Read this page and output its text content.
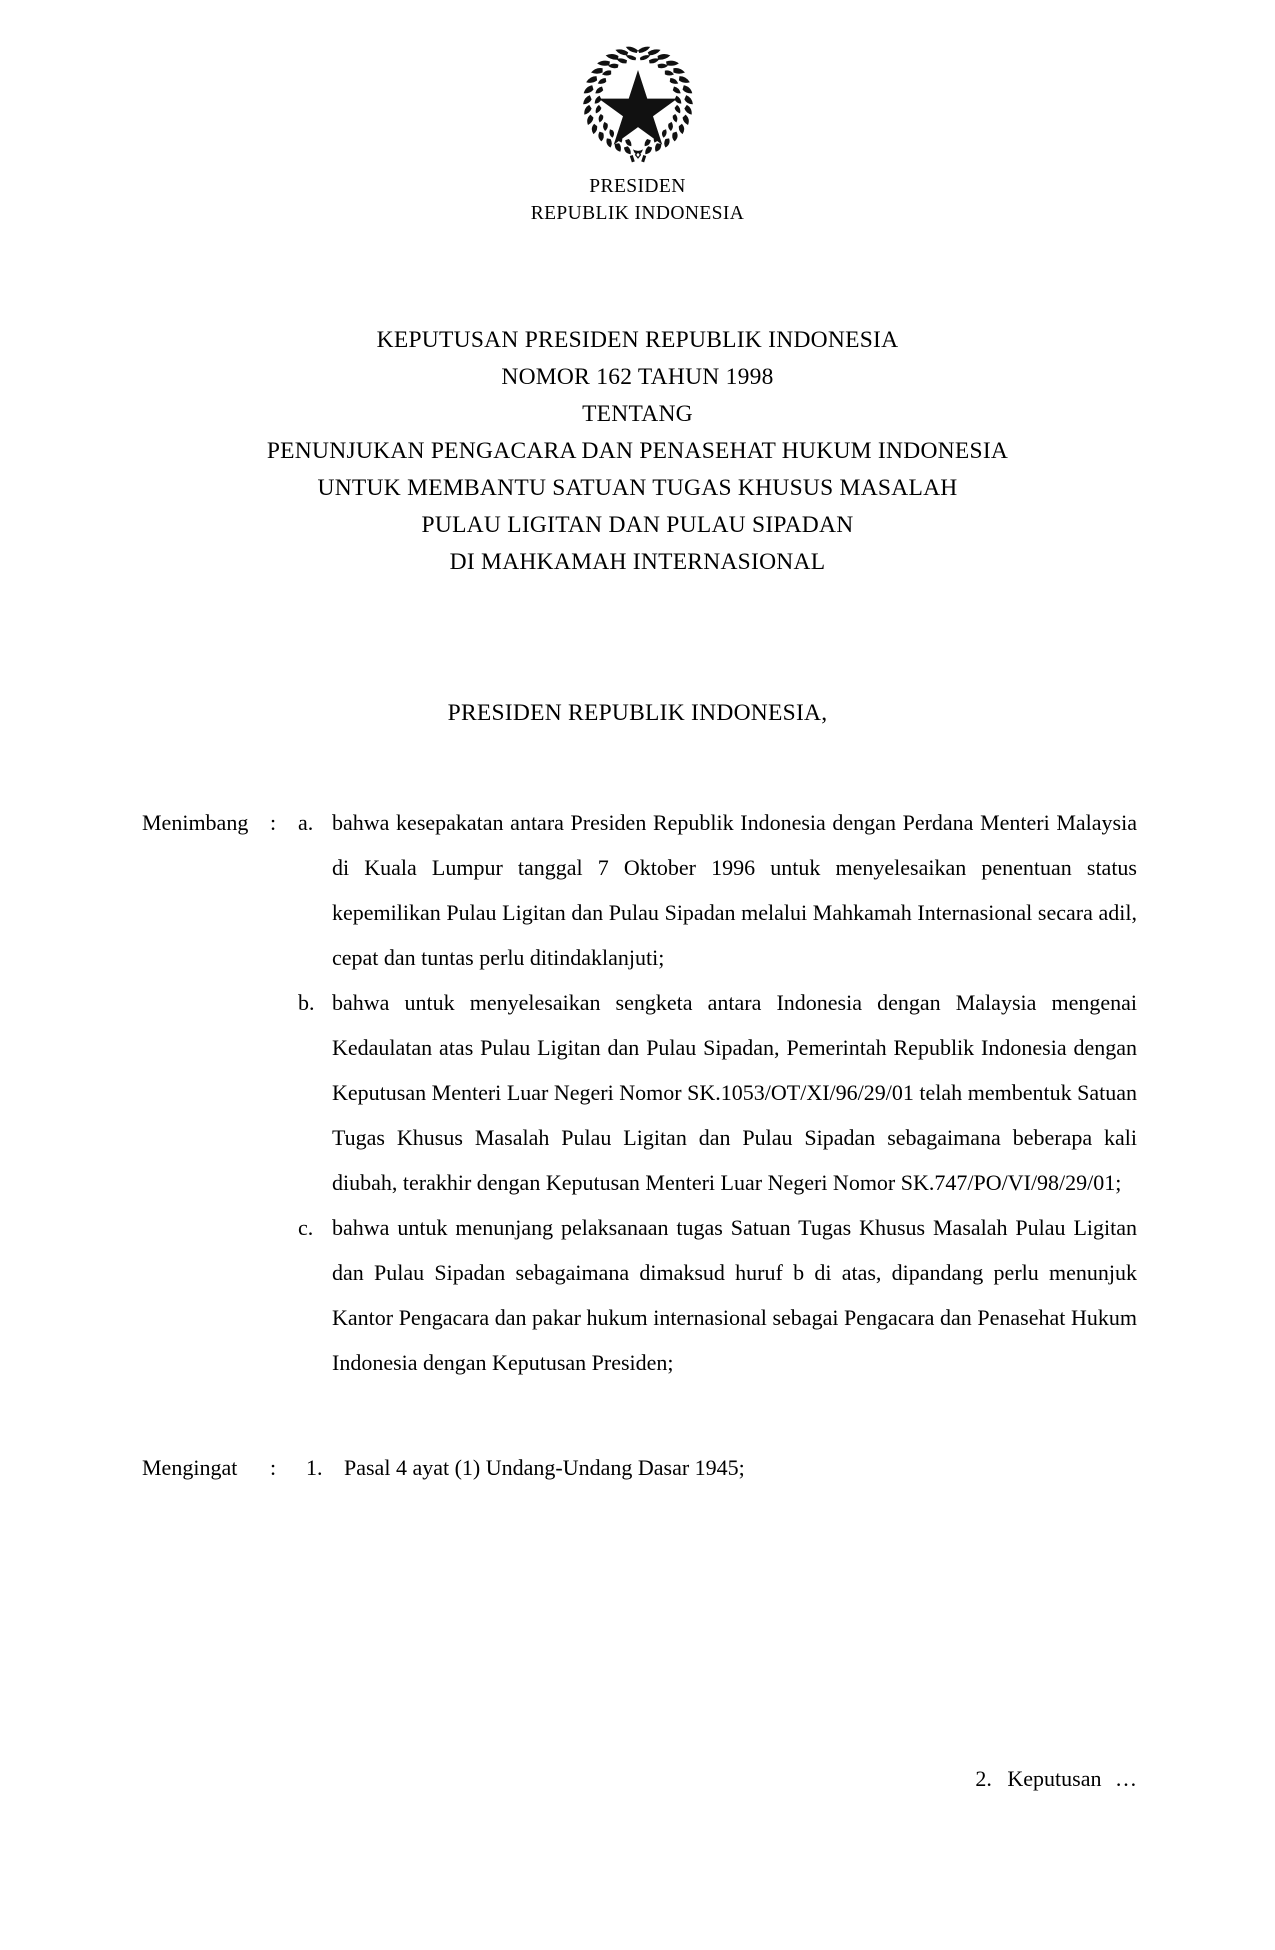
PRESIDEN
REPUBLIK INDONESIA
KEPUTUSAN PRESIDEN REPUBLIK INDONESIA
NOMOR 162 TAHUN 1998
TENTANG
PENUNJUKAN PENGACARA DAN PENASEHAT HUKUM INDONESIA
UNTUK MEMBANTU SATUAN TUGAS KHUSUS MASALAH
PULAU LIGITAN DAN PULAU SIPADAN
DI MAHKAMAH INTERNASIONAL
PRESIDEN REPUBLIK INDONESIA,
Menimbang : a. bahwa kesepakatan antara Presiden Republik Indonesia dengan Perdana Menteri Malaysia di Kuala Lumpur tanggal 7 Oktober 1996 untuk menyelesaikan penentuan status kepemilikan Pulau Ligitan dan Pulau Sipadan melalui Mahkamah Internasional secara adil, cepat dan tuntas perlu ditindaklanjuti;
b. bahwa untuk menyelesaikan sengketa antara Indonesia dengan Malaysia mengenai Kedaulatan atas Pulau Ligitan dan Pulau Sipadan, Pemerintah Republik Indonesia dengan Keputusan Menteri Luar Negeri Nomor SK.1053/OT/XI/96/29/01 telah membentuk Satuan Tugas Khusus Masalah Pulau Ligitan dan Pulau Sipadan sebagaimana beberapa kali diubah, terakhir dengan Keputusan Menteri Luar Negeri Nomor SK.747/PO/VI/98/29/01;
c. bahwa untuk menunjang pelaksanaan tugas Satuan Tugas Khusus Masalah Pulau Ligitan dan Pulau Sipadan sebagaimana dimaksud huruf b di atas, dipandang perlu menunjuk Kantor Pengacara dan pakar hukum internasional sebagai Pengacara dan Penasehat Hukum Indonesia dengan Keputusan Presiden;
Mengingat	:	1. Pasal 4 ayat (1) Undang-Undang Dasar 1945;
2. Keputusan …
